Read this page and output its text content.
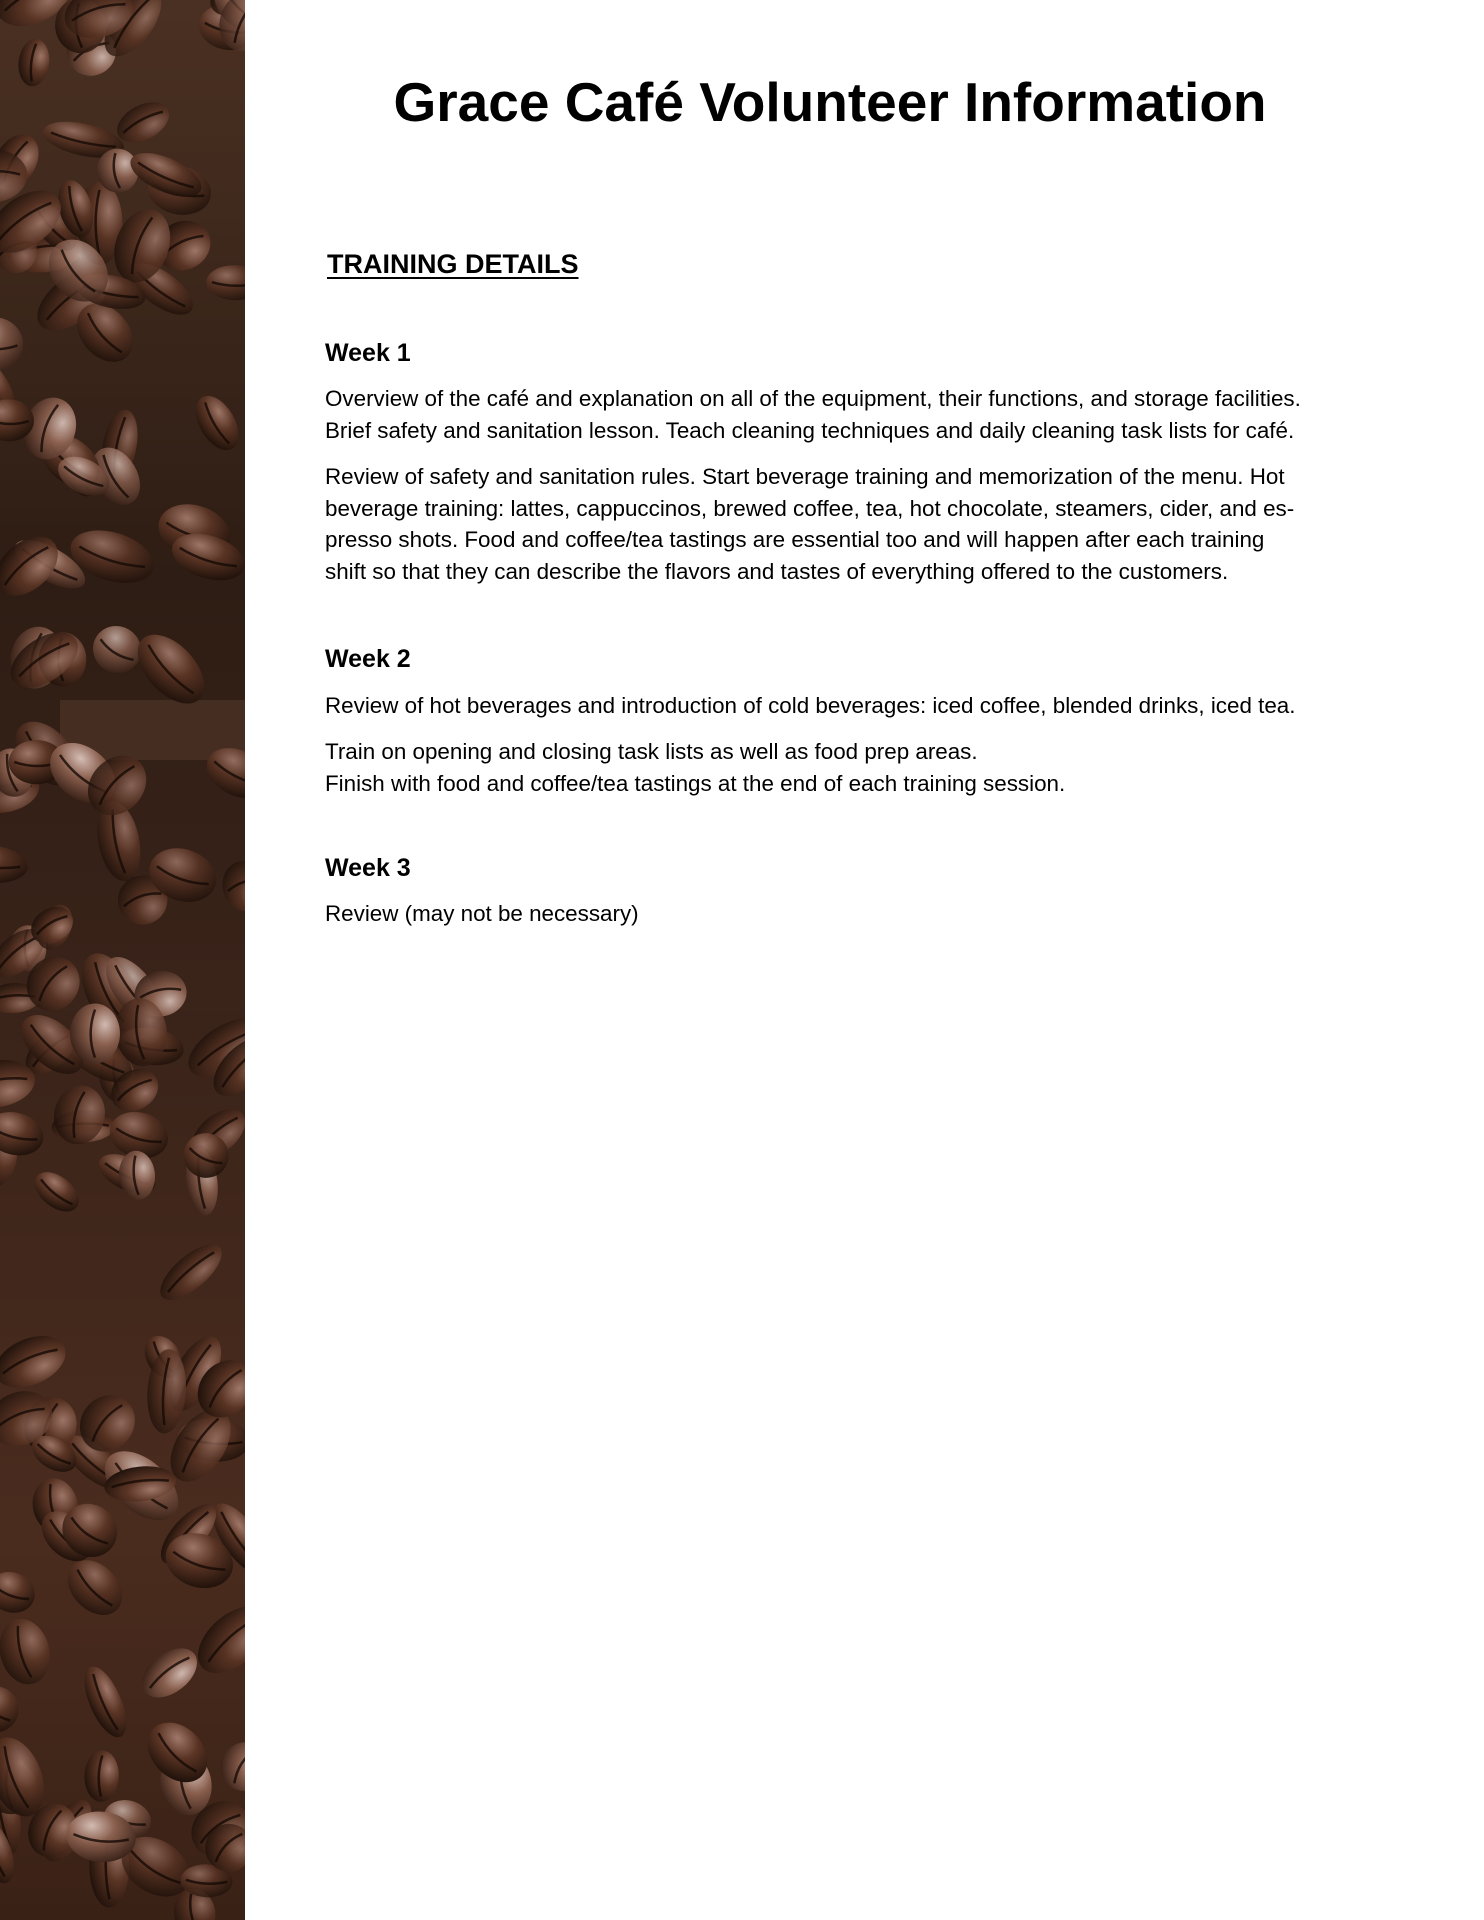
Grace Café Volunteer Information
TRAINING DETAILS
Week 1

Overview of the café and explanation on all of the equipment, their functions, and storage facilities.
Brief safety and sanitation lesson. Teach cleaning techniques and daily cleaning task lists for café.

Review of safety and sanitation rules. Start beverage training and memorization of the menu. Hot
beverage training: lattes, cappuccinos, brewed coffee, tea, hot chocolate, steamers, cider, and es-
presso shots. Food and coffee/tea tastings are essential too and will happen after each training
shift so that they can describe the flavors and tastes of everything offered to the customers.

Week 2

Review of hot beverages and introduction of cold beverages: iced coffee, blended drinks, iced tea.

Train on opening and closing task lists as well as food prep areas.
Finish with food and coffee/tea tastings at the end of each training session.

Week 3

Review (may not be necessary)
